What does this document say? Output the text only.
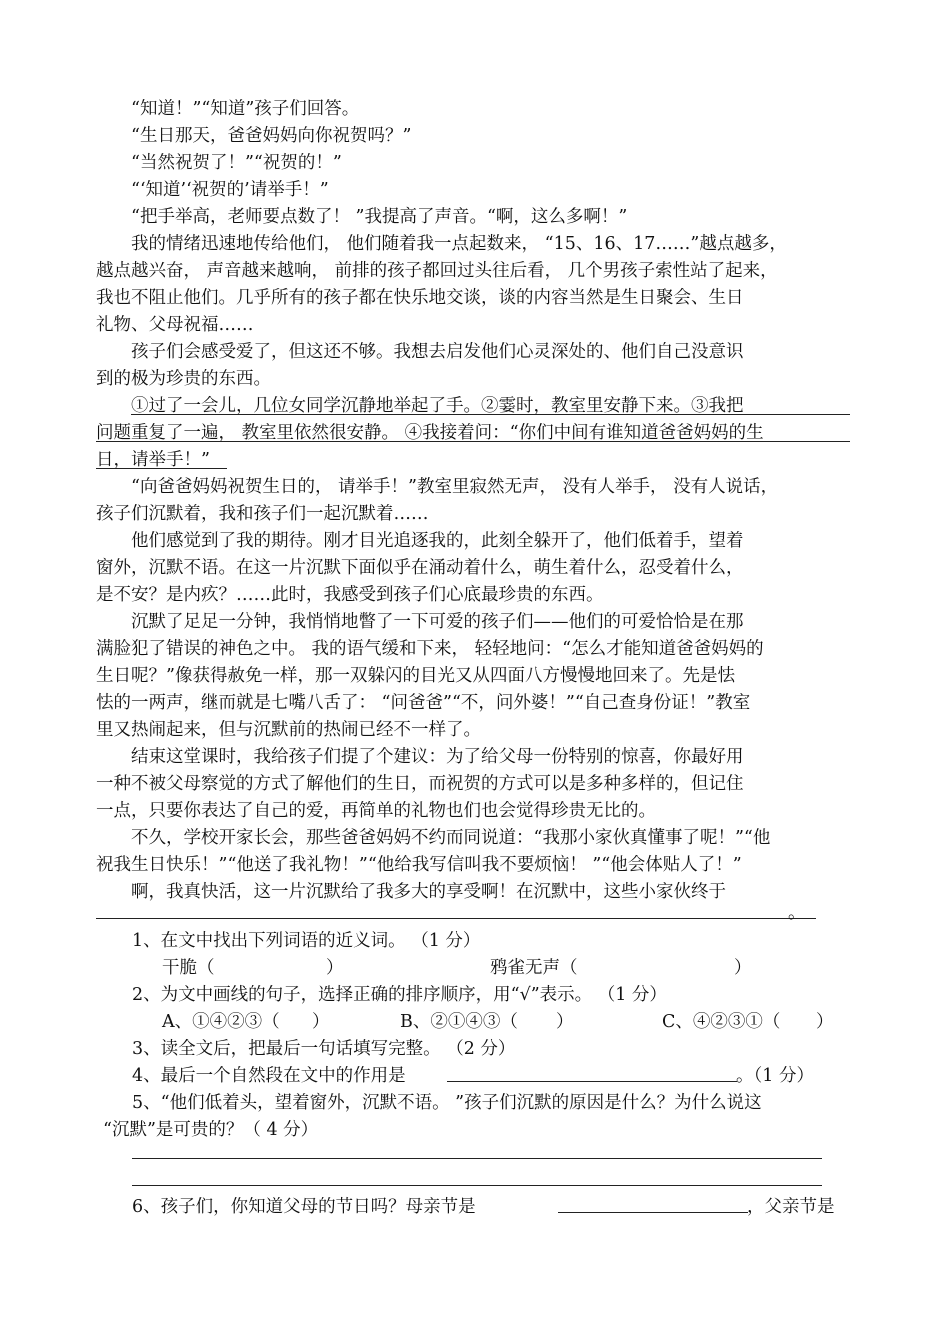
“知道！”“知道”孩子们回答。
“生日那天，爸爸妈妈向你祝贺吗？”
“当然祝贺了！”“祝贺的！”
“‘知道’‘祝贺的’请举手！”
“把手举高，老师要点数了！ ”我提高了声音。“啊，这么多啊！”
我的情绪迅速地传给他们， 他们随着我一点起数来， “15、16、17……”越点越多，
越点越兴奋， 声音越来越响， 前排的孩子都回过头往后看， 几个男孩子索性站了起来，
我也不阻止他们。几乎所有的孩子都在快乐地交谈，谈的内容当然是生日聚会、生日
礼物、父母祝福……
孩子们会感受爱了，但这还不够。我想去启发他们心灵深处的、他们自己没意识
到的极为珍贵的东西。
①过了一会儿，几位女同学沉静地举起了手。②霎时，教室里安静下来。③我把
问题重复了一遍， 教室里依然很安静。 ④我接着问：“你们中间有谁知道爸爸妈妈的生
日，请举手！”
“向爸爸妈妈祝贺生日的， 请举手！”教室里寂然无声， 没有人举手， 没有人说话，
孩子们沉默着，我和孩子们一起沉默着……
他们感觉到了我的期待。刚才目光追逐我的，此刻全躲开了，他们低着手，望着
窗外，沉默不语。在这一片沉默下面似乎在涌动着什么，萌生着什么，忍受着什么，
是不安？是内疚？……此时，我感受到孩子们心底最珍贵的东西。
沉默了足足一分钟，我悄悄地瞥了一下可爱的孩子们——他们的可爱恰恰是在那
满脸犯了错误的神色之中。 我的语气缓和下来， 轻轻地问：“怎么才能知道爸爸妈妈的
生日呢？”像获得赦免一样，那一双躲闪的目光又从四面八方慢慢地回来了。先是怯
怯的一两声，继而就是七嘴八舌了： “问爸爸”“不，问外婆！”“自己查身份证！”教室
里又热闹起来，但与沉默前的热闹已经不一样了。
结束这堂课时，我给孩子们提了个建议：为了给父母一份特别的惊喜，你最好用
一种不被父母察觉的方式了解他们的生日，而祝贺的方式可以是多种多样的，但记住
一点，只要你表达了自己的爱，再简单的礼物也们也会觉得珍贵无比的。
不久，学校开家长会，那些爸爸妈妈不约而同说道：“我那小家伙真懂事了呢！”“他
祝我生日快乐！”“他送了我礼物！”“他给我写信叫我不要烦恼！ ”“他会体贴人了！”
啊，我真快活，这一片沉默给了我多大的享受啊！在沉默中，这些小家伙终于
。
1、在文中找出下列词语的近义词。 （1 分）
干脆（	）	鸦雀无声（	）
2、为文中画线的句子，选择正确的排序顺序，用“√”表示。 （1 分）
A、①④②③（	）	B、②①④③（	）	C、④②③①（	）
3、读全文后，把最后一句话填写完整。 （2 分）
4、最后一个自然段在文中的作用是	。（1 分）
5、“他们低着头，望着窗外，沉默不语。 ”孩子们沉默的原因是什么？为什么说这
“沉默”是可贵的？（ 4 分）
6、孩子们，你知道父母的节日吗？母亲节是	，父亲节是
